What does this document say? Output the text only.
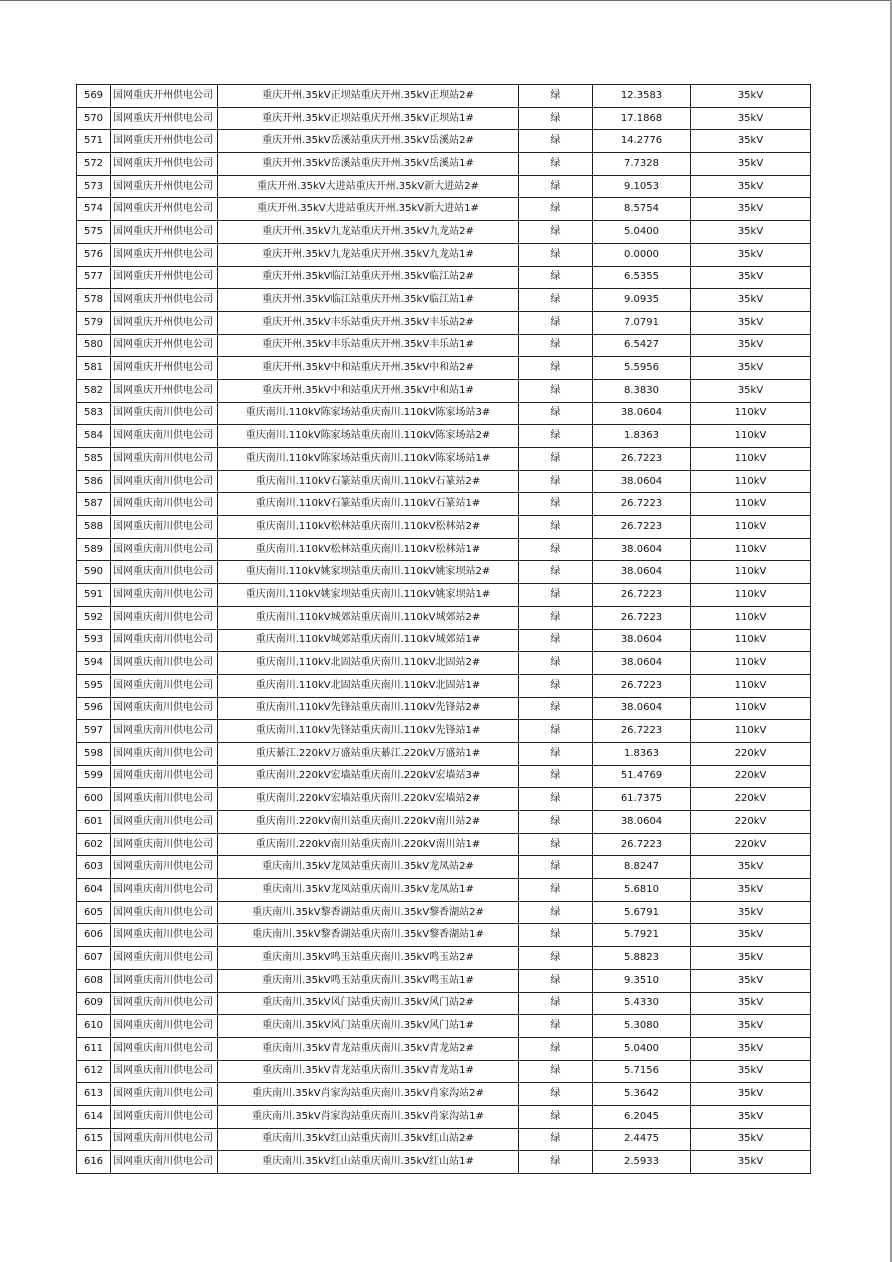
569	国网重庆开州供电公司	重庆开州.35kV正坝站重庆开州.35kV正坝站2#	绿	12.3583	35kV
570	国网重庆开州供电公司	重庆开州.35kV正坝站重庆开州.35kV正坝站1#	绿	17.1868	35kV
571	国网重庆开州供电公司	重庆开州.35kV岳溪站重庆开州.35kV岳溪站2#	绿	14.2776	35kV
572	国网重庆开州供电公司	重庆开州.35kV岳溪站重庆开州.35kV岳溪站1#	绿	7.7328	35kV
573	国网重庆开州供电公司	重庆开州.35kV大进站重庆开州.35kV新大进站2#	绿	9.1053	35kV
574	国网重庆开州供电公司	重庆开州.35kV大进站重庆开州.35kV新大进站1#	绿	8.5754	35kV
575	国网重庆开州供电公司	重庆开州.35kV九龙站重庆开州.35kV九龙站2#	绿	5.0400	35kV
576	国网重庆开州供电公司	重庆开州.35kV九龙站重庆开州.35kV九龙站1#	绿	0.0000	35kV
577	国网重庆开州供电公司	重庆开州.35kV临江站重庆开州.35kV临江站2#	绿	6.5355	35kV
578	国网重庆开州供电公司	重庆开州.35kV临江站重庆开州.35kV临江站1#	绿	9.0935	35kV
579	国网重庆开州供电公司	重庆开州.35kV丰乐站重庆开州.35kV丰乐站2#	绿	7.0791	35kV
580	国网重庆开州供电公司	重庆开州.35kV丰乐站重庆开州.35kV丰乐站1#	绿	6.5427	35kV
581	国网重庆开州供电公司	重庆开州.35kV中和站重庆开州.35kV中和站2#	绿	5.5956	35kV
582	国网重庆开州供电公司	重庆开州.35kV中和站重庆开州.35kV中和站1#	绿	8.3830	35kV
583	国网重庆南川供电公司	重庆南川.110kV陈家场站重庆南川.110kV陈家场站3#	绿	38.0604	110kV
584	国网重庆南川供电公司	重庆南川.110kV陈家场站重庆南川.110kV陈家场站2#	绿	1.8363	110kV
585	国网重庆南川供电公司	重庆南川.110kV陈家场站重庆南川.110kV陈家场站1#	绿	26.7223	110kV
586	国网重庆南川供电公司	重庆南川.110kV石篆站重庆南川.110kV石篆站2#	绿	38.0604	110kV
587	国网重庆南川供电公司	重庆南川.110kV石篆站重庆南川.110kV石篆站1#	绿	26.7223	110kV
588	国网重庆南川供电公司	重庆南川.110kV松林站重庆南川.110kV松林站2#	绿	26.7223	110kV
589	国网重庆南川供电公司	重庆南川.110kV松林站重庆南川.110kV松林站1#	绿	38.0604	110kV
590	国网重庆南川供电公司	重庆南川.110kV姚家坝站重庆南川.110kV姚家坝站2#	绿	38.0604	110kV
591	国网重庆南川供电公司	重庆南川.110kV姚家坝站重庆南川.110kV姚家坝站1#	绿	26.7223	110kV
592	国网重庆南川供电公司	重庆南川.110kV城郊站重庆南川.110kV城郊站2#	绿	26.7223	110kV
593	国网重庆南川供电公司	重庆南川.110kV城郊站重庆南川.110kV城郊站1#	绿	38.0604	110kV
594	国网重庆南川供电公司	重庆南川.110kV北固站重庆南川.110kV北固站2#	绿	38.0604	110kV
595	国网重庆南川供电公司	重庆南川.110kV北固站重庆南川.110kV北固站1#	绿	26.7223	110kV
596	国网重庆南川供电公司	重庆南川.110kV先锋站重庆南川.110kV先锋站2#	绿	38.0604	110kV
597	国网重庆南川供电公司	重庆南川.110kV先锋站重庆南川.110kV先锋站1#	绿	26.7223	110kV
598	国网重庆南川供电公司	重庆綦江.220kV万盛站重庆綦江.220kV万盛站1#	绿	1.8363	220kV
599	国网重庆南川供电公司	重庆南川.220kV宏墙站重庆南川.220kV宏墙站3#	绿	51.4769	220kV
600	国网重庆南川供电公司	重庆南川.220kV宏墙站重庆南川.220kV宏墙站2#	绿	61.7375	220kV
601	国网重庆南川供电公司	重庆南川.220kV南川站重庆南川.220kV南川站2#	绿	38.0604	220kV
602	国网重庆南川供电公司	重庆南川.220kV南川站重庆南川.220kV南川站1#	绿	26.7223	220kV
603	国网重庆南川供电公司	重庆南川.35kV龙凤站重庆南川.35kV龙凤站2#	绿	8.8247	35kV
604	国网重庆南川供电公司	重庆南川.35kV龙凤站重庆南川.35kV龙凤站1#	绿	5.6810	35kV
605	国网重庆南川供电公司	重庆南川.35kV黎香湖站重庆南川.35kV黎香湖站2#	绿	5.6791	35kV
606	国网重庆南川供电公司	重庆南川.35kV黎香湖站重庆南川.35kV黎香湖站1#	绿	5.7921	35kV
607	国网重庆南川供电公司	重庆南川.35kV鸣玉站重庆南川.35kV鸣玉站2#	绿	5.8823	35kV
608	国网重庆南川供电公司	重庆南川.35kV鸣玉站重庆南川.35kV鸣玉站1#	绿	9.3510	35kV
609	国网重庆南川供电公司	重庆南川.35kV风门站重庆南川.35kV风门站2#	绿	5.4330	35kV
610	国网重庆南川供电公司	重庆南川.35kV风门站重庆南川.35kV风门站1#	绿	5.3080	35kV
611	国网重庆南川供电公司	重庆南川.35kV青龙站重庆南川.35kV青龙站2#	绿	5.0400	35kV
612	国网重庆南川供电公司	重庆南川.35kV青龙站重庆南川.35kV青龙站1#	绿	5.7156	35kV
613	国网重庆南川供电公司	重庆南川.35kV肖家沟站重庆南川.35kV肖家沟站2#	绿	5.3642	35kV
614	国网重庆南川供电公司	重庆南川.35kV肖家沟站重庆南川.35kV肖家沟站1#	绿	6.2045	35kV
615	国网重庆南川供电公司	重庆南川.35kV红山站重庆南川.35kV红山站2#	绿	2.4475	35kV
616	国网重庆南川供电公司	重庆南川.35kV红山站重庆南川.35kV红山站1#	绿	2.5933	35kV
